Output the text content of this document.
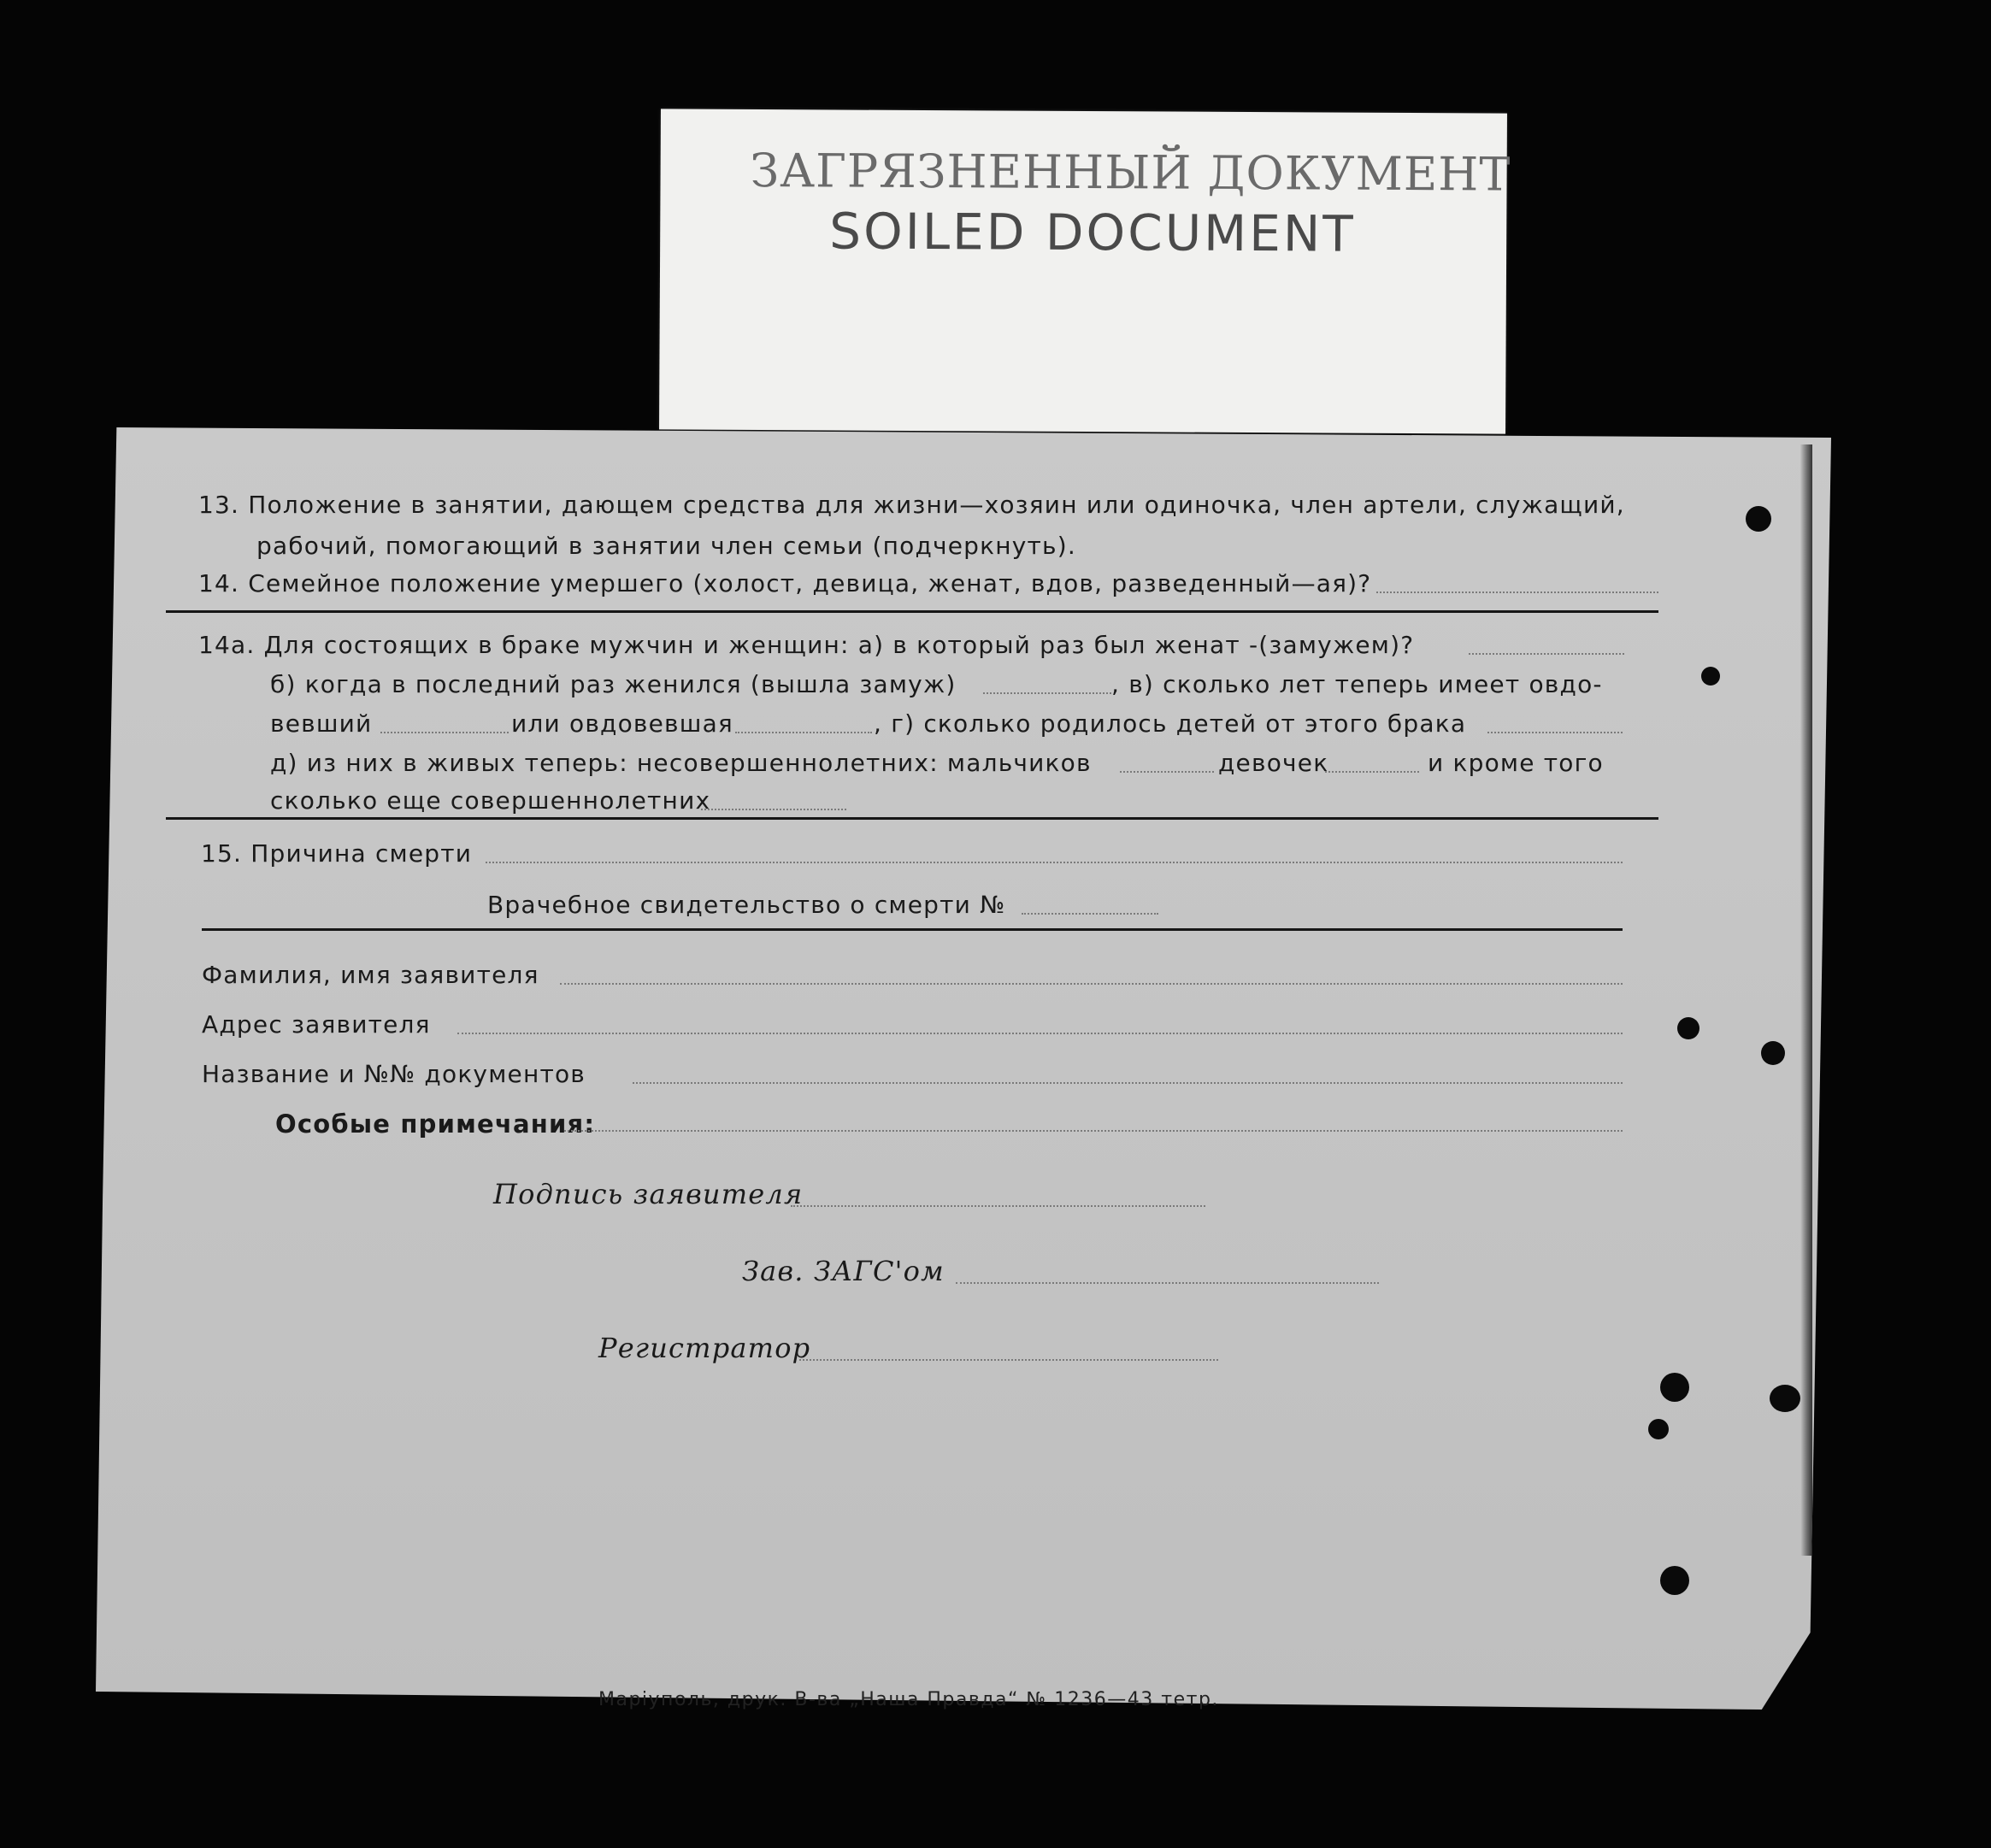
ЗАГРЯЗНЕННЫЙ ДОКУМЕНТ
SOILED DOCUMENT
13. Положение в занятии, дающем средства для жизни—хозяин или одиночка, член артели, служащий,
рабочий, помогающий в занятии член семьи (подчеркнуть).
14. Семейное положение умершего (холост, девица, женат, вдов, разведенный—ая)?
14а. Для состоящих в браке мужчин и женщин: а) в который раз был женат -(замужем)?
б) когда в последний раз женился (вышла замуж)	, в) сколько лет теперь имеет овдо-
вевший	или овдовевшая	, г) сколько родилось детей от этого брака
д) из них в живых теперь: несовершеннолетних: мальчиков	девочек	и кроме того
сколько еще совершеннолетних
15. Причина смерти
Врачебное свидетельство о смерти №
Фамилия, имя заявителя
Адрес заявителя
Название и №№ документов
Особые примечания:
Подпись заявителя
Зав. ЗАГС'ом
Регистратор
Маріуполь, друк. В-ва „Наша Правда“ № 1236—43 тетр.
